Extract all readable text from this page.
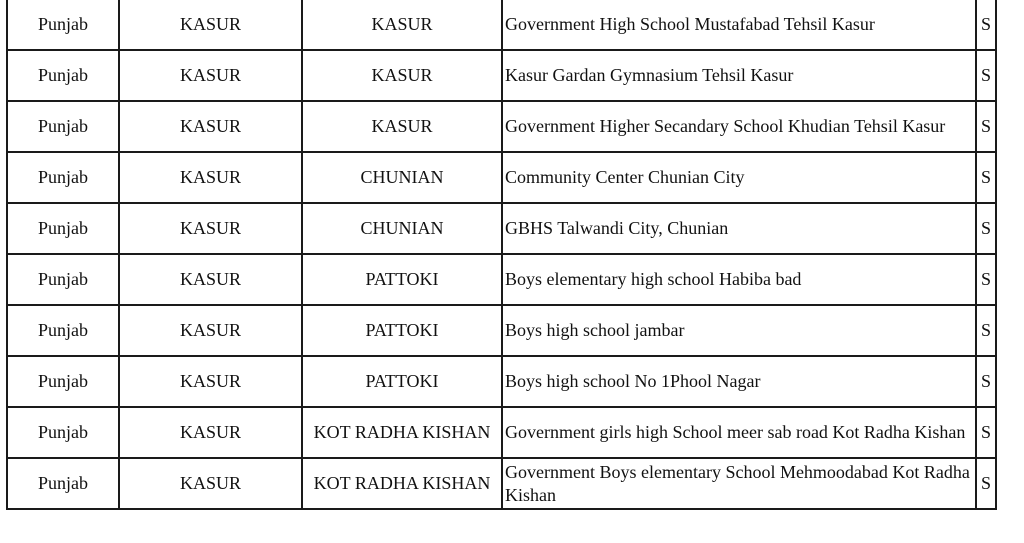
Punjab	KASUR	KASUR	Government High School Mustafabad Tehsil Kasur	S
Punjab	KASUR	KASUR	Kasur Gardan Gymnasium Tehsil Kasur	S
Punjab	KASUR	KASUR	Government Higher Secandary School Khudian Tehsil Kasur	S
Punjab	KASUR	CHUNIAN	Community Center Chunian City	S
Punjab	KASUR	CHUNIAN	GBHS Talwandi City, Chunian	S
Punjab	KASUR	PATTOKI	Boys elementary high school Habiba bad	S
Punjab	KASUR	PATTOKI	Boys high school jambar	S
Punjab	KASUR	PATTOKI	Boys high school No 1Phool Nagar	S
Punjab	KASUR	KOT RADHA KISHAN	Government girls high School meer sab road Kot Radha Kishan	S
Punjab	KASUR	KOT RADHA KISHAN	Government Boys elementary School Mehmoodabad Kot Radha Kishan	S
